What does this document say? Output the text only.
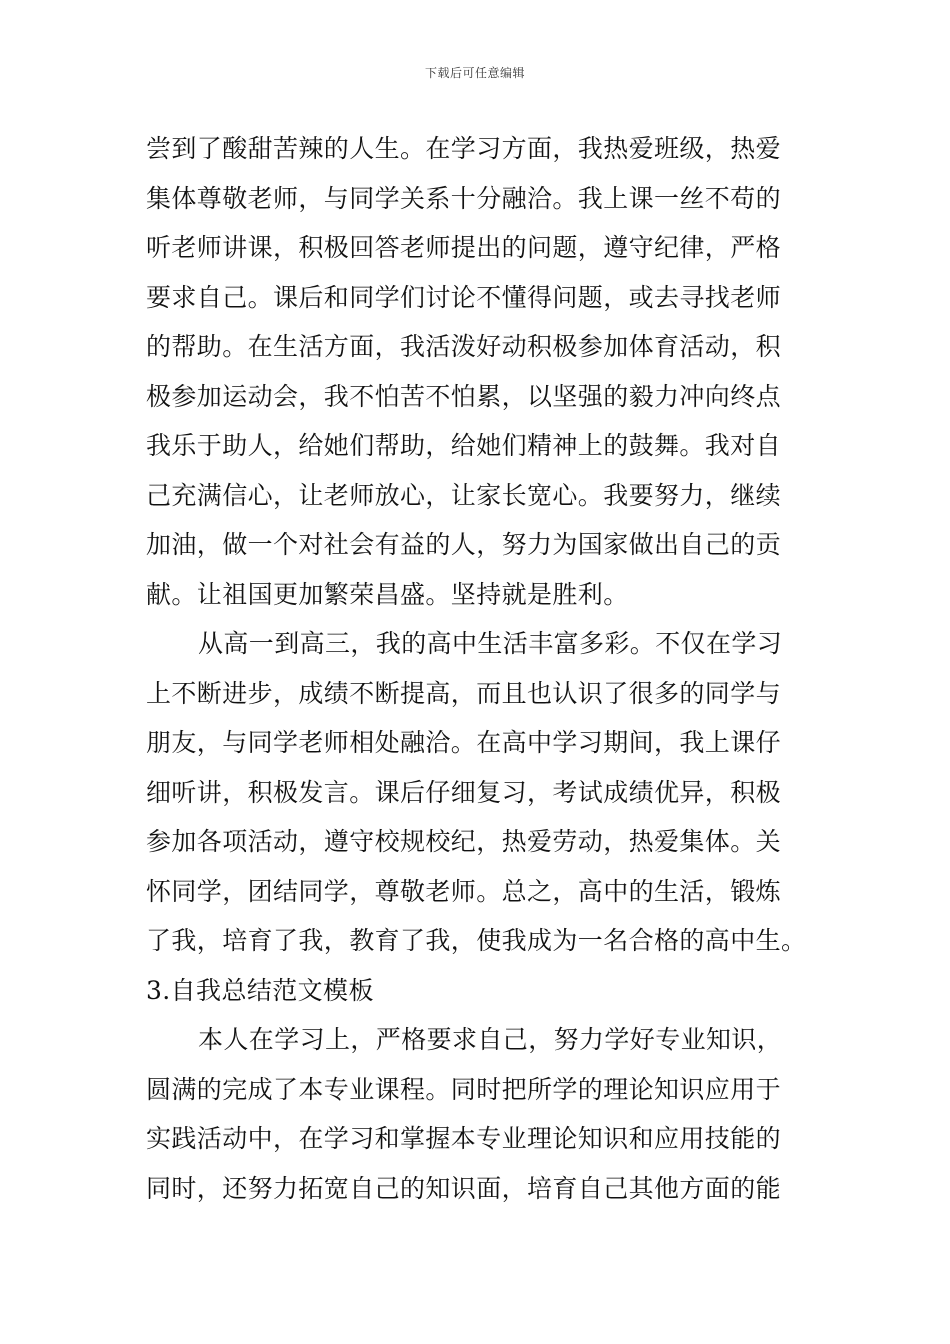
下载后可任意编辑
尝到了酸甜苦辣的人生。在学习方面，我热爱班级，热爱
集体尊敬老师，与同学关系十分融洽。我上课一丝不苟的
听老师讲课，积极回答老师提出的问题，遵守纪律，严格
要求自己。课后和同学们讨论不懂得问题，或去寻找老师
的帮助。在生活方面，我活泼好动积极参加体育活动，积
极参加运动会，我不怕苦不怕累，以坚强的毅力冲向终点
我乐于助人，给她们帮助，给她们精神上的鼓舞。我对自
己充满信心，让老师放心，让家长宽心。我要努力，继续
加油，做一个对社会有益的人，努力为国家做出自己的贡
献。让祖国更加繁荣昌盛。坚持就是胜利。
从高一到高三，我的高中生活丰富多彩。不仅在学习
上不断进步，成绩不断提高，而且也认识了很多的同学与
朋友，与同学老师相处融洽。在高中学习期间，我上课仔
细听讲，积极发言。课后仔细复习，考试成绩优异，积极
参加各项活动，遵守校规校纪，热爱劳动，热爱集体。关
怀同学，团结同学，尊敬老师。总之，高中的生活，锻炼
了我，培育了我，教育了我，使我成为一名合格的高中生。
3.自我总结范文模板
本人在学习上，严格要求自己，努力学好专业知识，
圆满的完成了本专业课程。同时把所学的理论知识应用于
实践活动中，在学习和掌握本专业理论知识和应用技能的
同时，还努力拓宽自己的知识面，培育自己其他方面的能
